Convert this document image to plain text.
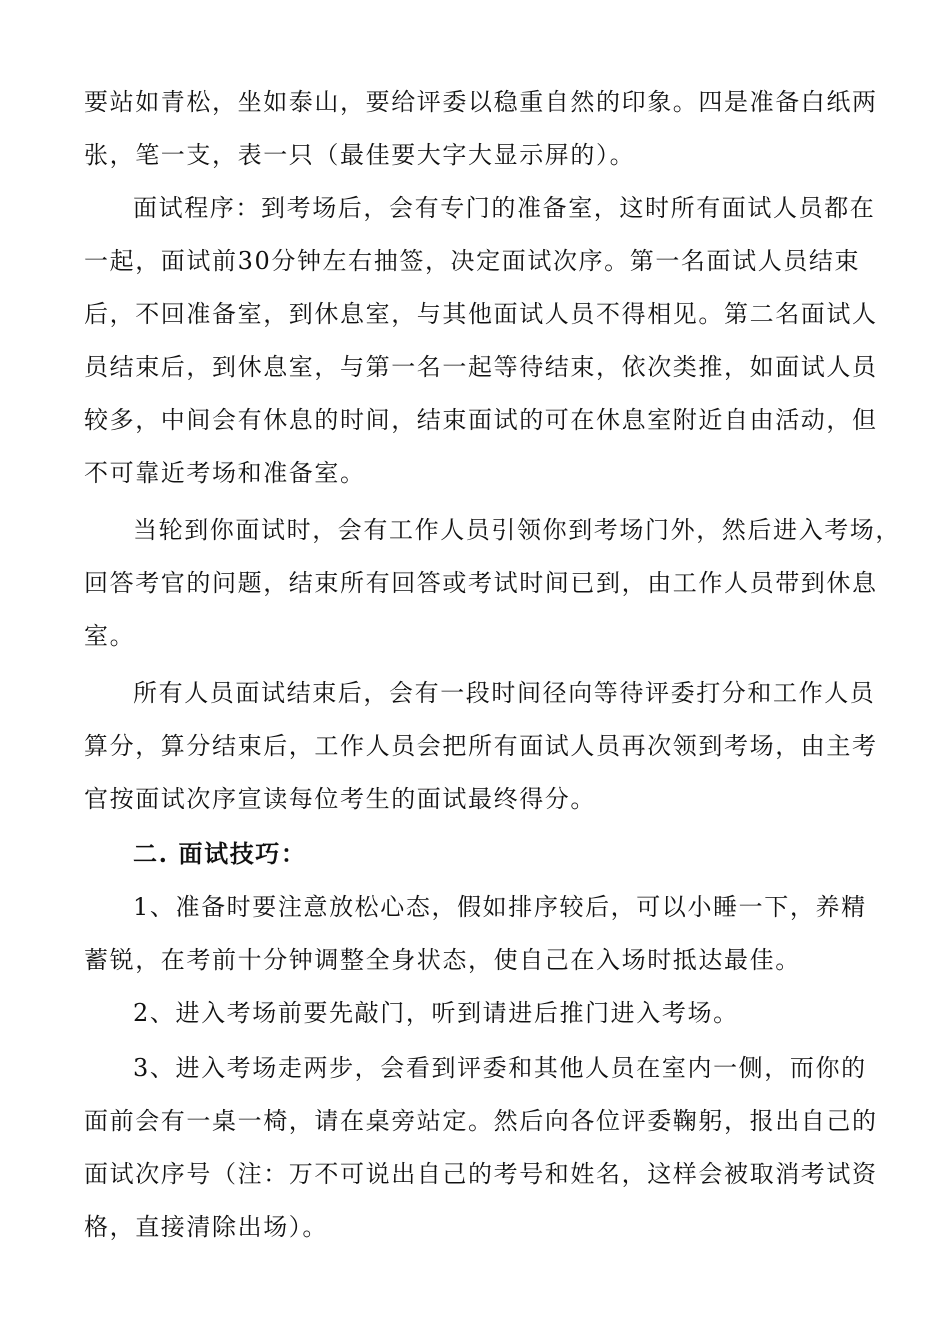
要站如青松，坐如泰山，要给评委以稳重自然的印象。四是准备白纸两

张，笔一支，表一只（最佳要大字大显示屏的）。

面试程序：到考场后，会有专门的准备室，这时所有面试人员都在

一起，面试前30分钟左右抽签，决定面试次序。第一名面试人员结束

后，不回准备室，到休息室，与其他面试人员不得相见。第二名面试人

员结束后，到休息室，与第一名一起等待结束，依次类推，如面试人员

较多，中间会有休息的时间，结束面试的可在休息室附近自由活动，但

不可靠近考场和准备室。

当轮到你面试时，会有工作人员引领你到考场门外，然后进入考场，

回答考官的问题，结束所有回答或考试时间已到，由工作人员带到休息

室。

所有人员面试结束后，会有一段时间径向等待评委打分和工作人员

算分，算分结束后，工作人员会把所有面试人员再次领到考场，由主考

官按面试次序宣读每位考生的面试最终得分。

二. 面试技巧：

1、准备时要注意放松心态，假如排序较后，可以小睡一下，养精

蓄锐，在考前十分钟调整全身状态，使自己在入场时抵达最佳。

2、进入考场前要先敲门，听到请进后推门进入考场。

3、进入考场走两步，会看到评委和其他人员在室内一侧，而你的

面前会有一桌一椅，请在桌旁站定。然后向各位评委鞠躬，报出自己的

面试次序号（注：万不可说出自己的考号和姓名，这样会被取消考试资

格，直接清除出场）。
